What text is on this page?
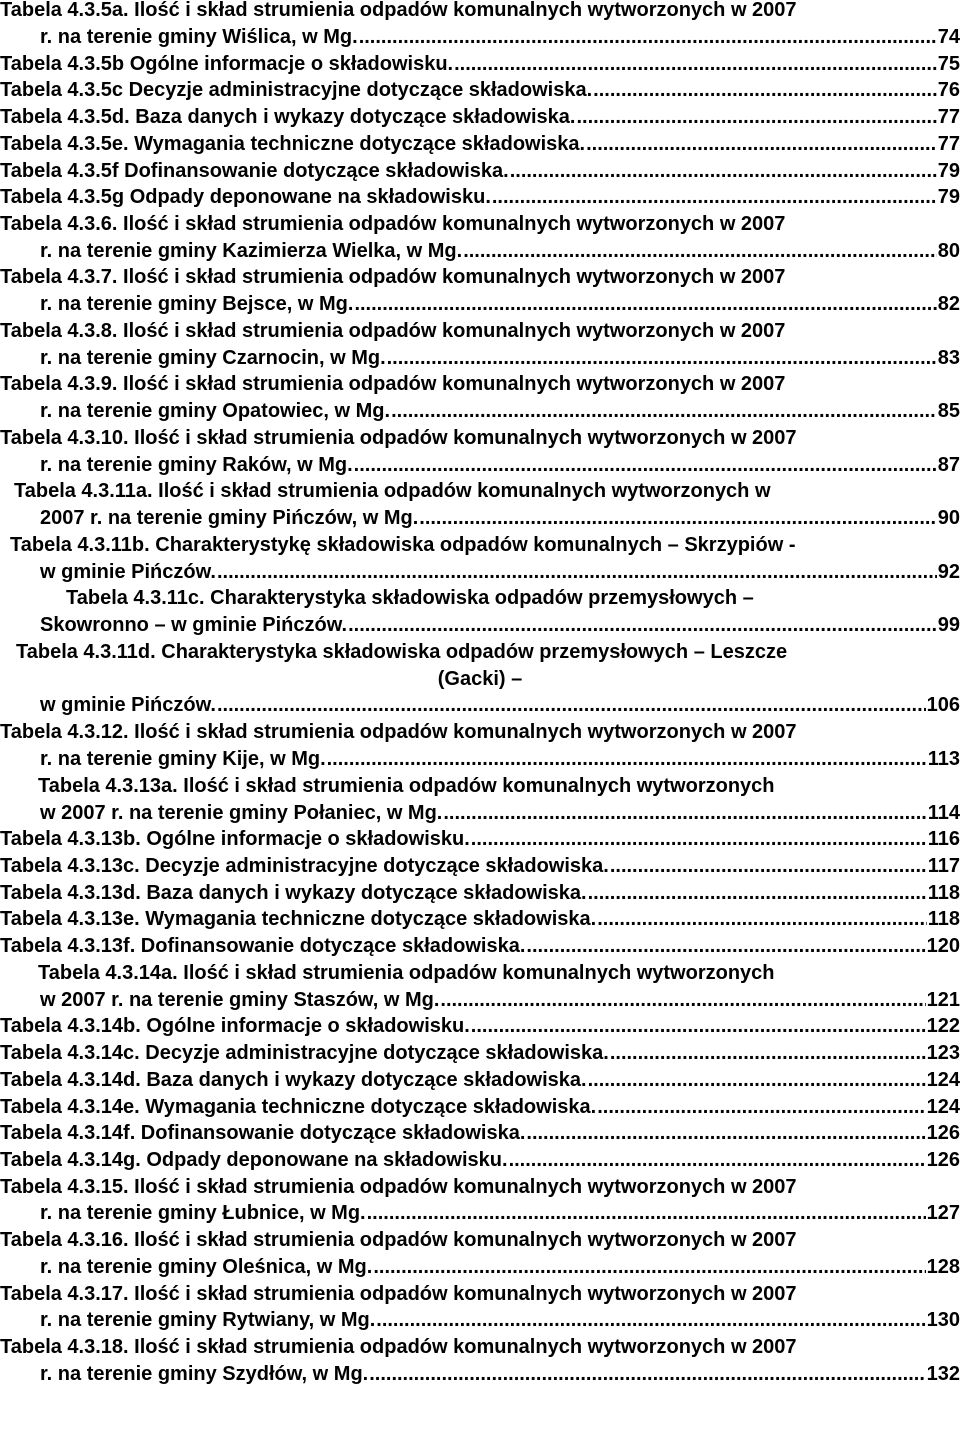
Tabela 4.3.5a. Ilość i skład strumienia odpadów komunalnych wytworzonych w 2007
r. na terenie gminy Wiślica, w Mg. .....	74
Tabela 4.3.5b Ogólne informacje o składowisku. .....	75
Tabela 4.3.5c Decyzje administracyjne dotyczące składowiska. .....	76
Tabela 4.3.5d. Baza danych i wykazy dotyczące składowiska. .....	77
Tabela 4.3.5e. Wymagania techniczne dotyczące składowiska. .....	77
Tabela 4.3.5f Dofinansowanie dotyczące składowiska. .....	79
Tabela 4.3.5g Odpady deponowane na składowisku. .....	79
Tabela 4.3.6. Ilość i skład strumienia odpadów komunalnych wytworzonych w 2007
r. na terenie gminy Kazimierza Wielka, w Mg. .....	80
Tabela 4.3.7. Ilość i skład strumienia odpadów komunalnych wytworzonych w 2007
r. na terenie gminy Bejsce, w Mg. .....	82
Tabela 4.3.8. Ilość i skład strumienia odpadów komunalnych wytworzonych w 2007
r. na terenie gminy Czarnocin, w Mg. .....	83
Tabela 4.3.9. Ilość i skład strumienia odpadów komunalnych wytworzonych w 2007
r. na terenie gminy Opatowiec, w Mg. .....	85
Tabela 4.3.10. Ilość i skład strumienia odpadów komunalnych wytworzonych w 2007
r. na terenie gminy Raków, w Mg. .....	87
Tabela 4.3.11a. Ilość i skład strumienia odpadów komunalnych wytworzonych w
2007 r. na terenie gminy Pińczów, w Mg. .....	90
Tabela 4.3.11b. Charakterystykę składowiska odpadów komunalnych – Skrzypiów -
w gminie Pińczów. .....	92
Tabela 4.3.11c. Charakterystyka składowiska odpadów przemysłowych –
Skowronno – w gminie Pińczów. .....	99
Tabela 4.3.11d. Charakterystyka składowiska odpadów przemysłowych – Leszcze
(Gacki) –
w gminie Pińczów. .....	106
Tabela 4.3.12. Ilość i skład strumienia odpadów komunalnych wytworzonych w 2007
r. na terenie gminy Kije, w Mg. .....	113
Tabela 4.3.13a. Ilość i skład strumienia odpadów komunalnych wytworzonych
w 2007 r. na terenie gminy Połaniec, w Mg. .....	114
Tabela 4.3.13b. Ogólne informacje o składowisku. .....	116
Tabela 4.3.13c. Decyzje administracyjne dotyczące składowiska. .....	117
Tabela 4.3.13d. Baza danych i wykazy dotyczące składowiska. .....	118
Tabela 4.3.13e. Wymagania techniczne dotyczące składowiska. .....	118
Tabela 4.3.13f. Dofinansowanie dotyczące składowiska. .....	120
Tabela 4.3.14a. Ilość i skład strumienia odpadów komunalnych wytworzonych
w 2007 r. na terenie gminy Staszów, w Mg. .....	121
Tabela 4.3.14b. Ogólne informacje o składowisku. .....	122
Tabela 4.3.14c. Decyzje administracyjne dotyczące składowiska. .....	123
Tabela 4.3.14d. Baza danych i wykazy dotyczące składowiska. .....	124
Tabela 4.3.14e. Wymagania techniczne dotyczące składowiska. .....	124
Tabela 4.3.14f. Dofinansowanie dotyczące składowiska. .....	126
Tabela 4.3.14g. Odpady deponowane na składowisku. .....	126
Tabela 4.3.15. Ilość i skład strumienia odpadów komunalnych wytworzonych w 2007
r. na terenie gminy Łubnice, w Mg. .....	127
Tabela 4.3.16. Ilość i skład strumienia odpadów komunalnych wytworzonych w 2007
r. na terenie gminy Oleśnica, w Mg. .....	128
Tabela 4.3.17. Ilość i skład strumienia odpadów komunalnych wytworzonych w 2007
r. na terenie gminy Rytwiany, w Mg. .....	130
Tabela 4.3.18. Ilość i skład strumienia odpadów komunalnych wytworzonych w 2007
r. na terenie gminy Szydłów, w Mg. .....	132
